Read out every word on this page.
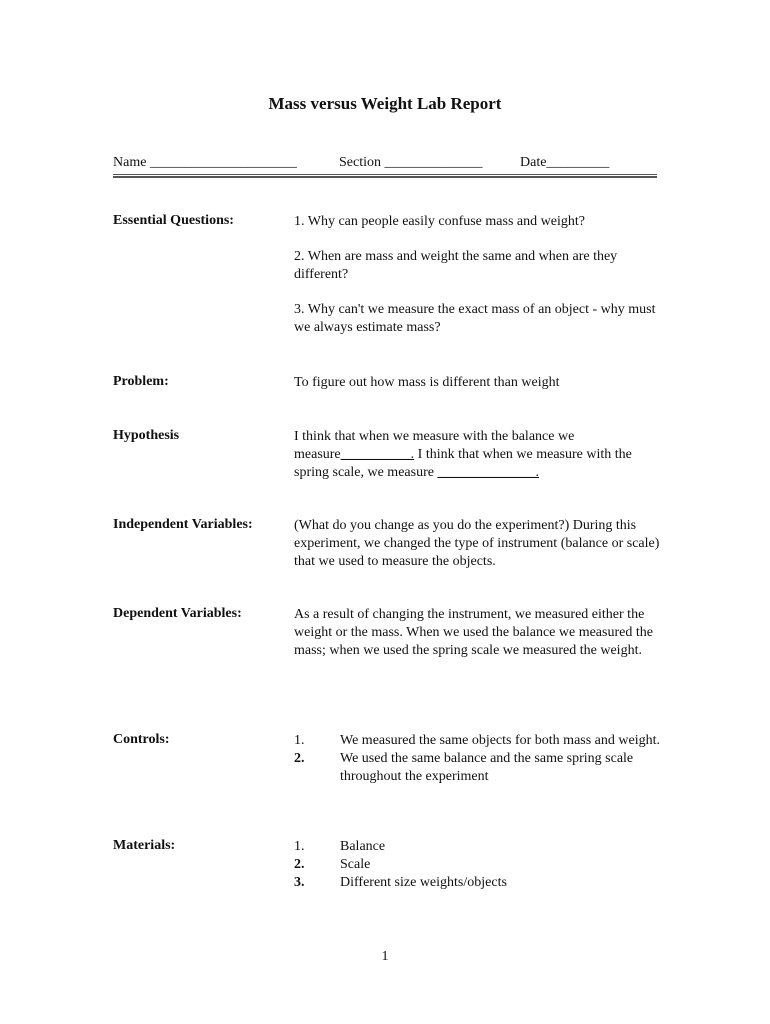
Mass versus Weight Lab Report

Name _____________________

	Section ______________

	Date_________

Essential Questions:	1. Why can people easily confuse mass and weight?

2. When are mass and weight the same and when are they different?

3. Why can't we measure the exact mass of an object - why must we always estimate mass?

Problem:	To figure out how mass is different than weight
Hypothesis	I think that when we measure with the balance we measure__________. I think that when we measure with the spring scale, we measure ______________.
Independent Variables:	(What do you change as you do the experiment?) During this experiment, we changed the type of instrument (balance or scale) that we used to measure the objects.
Dependent Variables:	As a result of changing the instrument, we measured either the weight or the mass. When we used the balance we measured the mass; when we used the spring scale we measured the weight.
Controls:	1.	We measured the same objects for both mass and weight.
2.	We used the same balance and the same spring scale throughout the experiment
Materials:	1.	Balance
2.	Scale
3.	Different size weights/objects
1
